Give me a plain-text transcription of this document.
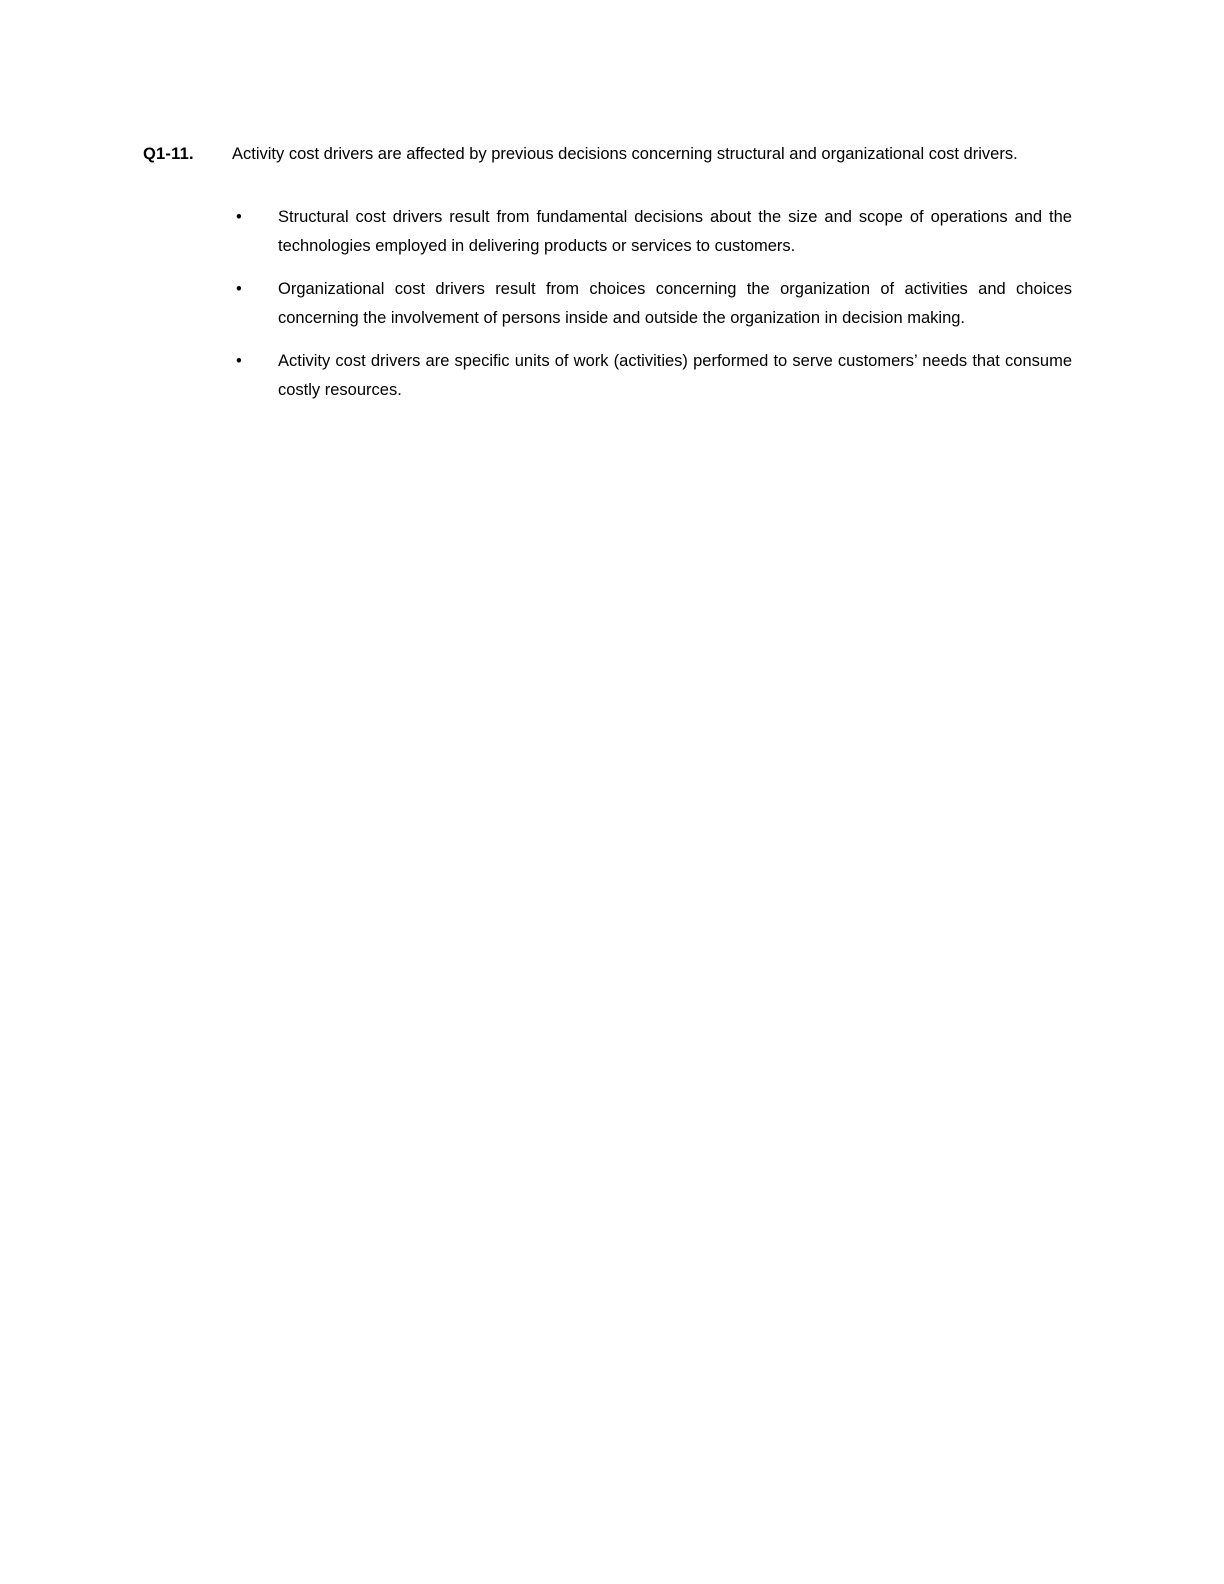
Q1-11.	Activity cost drivers are affected by previous decisions concerning structural and organizational cost drivers.

•	Structural cost drivers result from fundamental decisions about the size and scope of operations and the technologies employed in delivering products or services to customers.
•	Organizational cost drivers result from choices concerning the organization of activities and choices concerning the involvement of persons inside and outside the organization in decision making.
•	Activity cost drivers are specific units of work (activities) performed to serve customers’ needs that consume costly resources.
